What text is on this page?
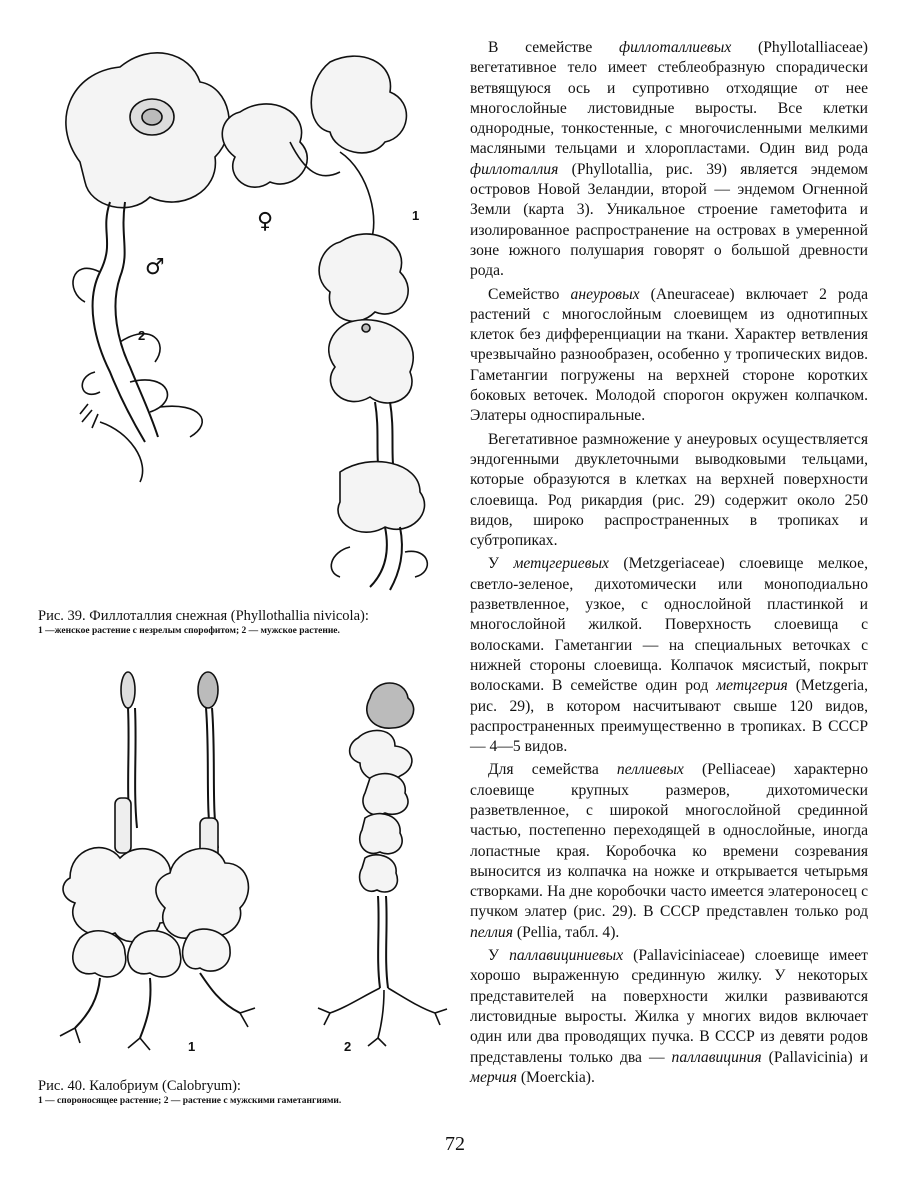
1
2
♂
♀
Рис. 39. Филлоталлия снежная (Phyllothallia nivicola):
1 —женское растение с незрелым спорофитом; 2 — мужское растение.
1	2
Рис. 40. Калобриум (Calobryum):
1 — спороносящее растение; 2 — растение с мужскими гаметангиями.

В семействе филлоталлиевых (Phyllotalliaceae) вегетативное тело имеет стеблеобразную спорадически ветвящуюся ось и супротивно отходящие от нее многослойные листовидные выросты. Все клетки однородные, тонкостенные, с многочисленными мелкими масляными тельцами и хлоропластами. Один вид рода филлоталлия (Phyllotallia, рис. 39) является эндемом островов Новой Зеландии, второй — эндемом Огненной Земли (карта 3). Уникальное строение гаметофита и изолированное распространение на островах в умеренной зоне южного полушария говорят о большой древности рода.

Семейство анеуровых (Aneuraceae) включает 2 рода растений с многослойным слоевищем из однотипных клеток без дифференциации на ткани. Характер ветвления чрезвычайно разнообразен, особенно у тропических видов. Гаметангии погружены на верхней стороне коротких боковых веточек. Молодой спорогон окружен колпачком. Элатеры односпиральные.

Вегетативное размножение у анеуровых осуществляется эндогенными двуклеточными выводковыми тельцами, которые образуются в клетках на верхней поверхности слоевища. Род рикардия (рис. 29) содержит около 250 видов, широко распространенных в тропиках и субтропиках.

У метцгериевых (Metzgeriaceae) слоевище мелкое, светло-зеленое, дихотомически или моноподиально разветвленное, узкое, с однослойной пластинкой и многослойной жилкой. Поверхность слоевища с волосками. Гаметангии — на специальных веточках с нижней стороны слоевища. Колпачок мясистый, покрыт волосками. В семействе один род метцгерия (Metzgeria, рис. 29), в котором насчитывают свыше 120 видов, распространенных преимущественно в тропиках. В СССР — 4—5 видов.

Для семейства пеллиевых (Pelliaceae) характерно слоевище крупных размеров, дихотомически разветвленное, с широкой многослойной срединной частью, постепенно переходящей в однослойные, иногда лопастные края. Коробочка ко времени созревания выносится из колпачка на ножке и открывается четырьмя створками. На дне коробочки часто имеется элатероносец с пучком элатер (рис. 29). В СССР представлен только род пеллия (Pellia, табл. 4).

У паллавициниевых (Pallaviciniaceae) слоевище имеет хорошо выраженную срединную жилку. У некоторых представителей на поверхности жилки развиваются листовидные выросты. Жилка у многих видов включает один или два проводящих пучка. В СССР из девяти родов представлены только два — паллавициния (Pallavicinia) и мерчия (Moerckia).

72
